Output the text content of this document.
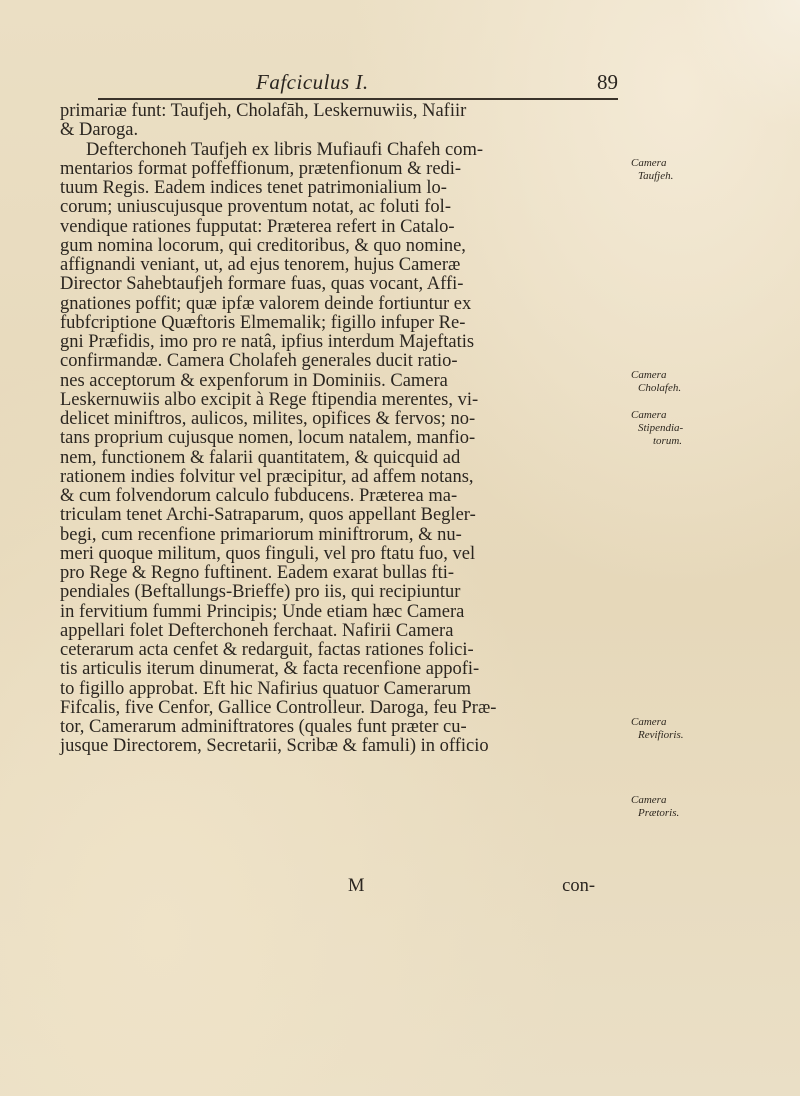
Fafciculus I.	89
primariæ funt: Taufjeh, Cholafāh, Leskernuwiis, Nafiir
& Daroga.
Defterchoneh Taufjeh ex libris Mufiaufi Chafeh com-
mentarios format poffeffionum, prætenfionum & redi-
tuum Regis. Eadem indices tenet patrimonialium lo-
corum; uniuscujusque proventum notat, ac foluti fol-
vendique rationes fupputat: Præterea refert in Catalo-
gum nomina locorum, qui creditoribus, & quo nomine,
affignandi veniant, ut, ad ejus tenorem, hujus Cameræ
Director Sahebtaufjeh formare fuas, quas vocant, Affi-
gnationes poffit; quæ ipfæ valorem deinde fortiuntur ex
fubfcriptione Quæftoris Elmemalik; figillo infuper Re-
gni Præfidis, imo pro re natâ, ipfius interdum Majeftatis
confirmandæ. Camera Cholafeh generales ducit ratio-
nes acceptorum & expenforum in Dominiis. Camera
Leskernuwiis albo excipit à Rege ftipendia merentes, vi-
delicet miniftros, aulicos, milites, opifices & fervos; no-
tans proprium cujusque nomen, locum natalem, manfio-
nem, functionem & falarii quantitatem, & quicquid ad
rationem indies folvitur vel præcipitur, ad affem notans,
& cum folvendorum calculo fubducens. Præterea ma-
triculam tenet Archi-Satraparum, quos appellant Begler-
begi, cum recenfione primariorum miniftrorum, & nu-
meri quoque militum, quos finguli, vel pro ftatu fuo, vel
pro Rege & Regno fuftinent. Eadem exarat bullas fti-
pendiales (Beftallungs-Brieffe) pro iis, qui recipiuntur
in fervitium fummi Principis; Unde etiam hæc Camera
appellari folet Defterchoneh ferchaat. Nafirii Camera
ceterarum acta cenfet & redarguit, factas rationes folici-
tis articulis iterum dinumerat, & facta recenfione appofi-
to figillo approbat. Eft hic Nafirius quatuor Camerarum
Fifcalis, five Cenfor, Gallice Controlleur. Daroga, feu Præ-
tor, Camerarum adminiftratores (quales funt præter cu-
jusque Directorem, Secretarii, Scribæ & famuli) in officio
M	con-
Camera
Taufjeh.
Camera
Cholafeh.
Camera
Stipendia-
torum.
Camera
Revifioris.
Camera
Prætoris.
